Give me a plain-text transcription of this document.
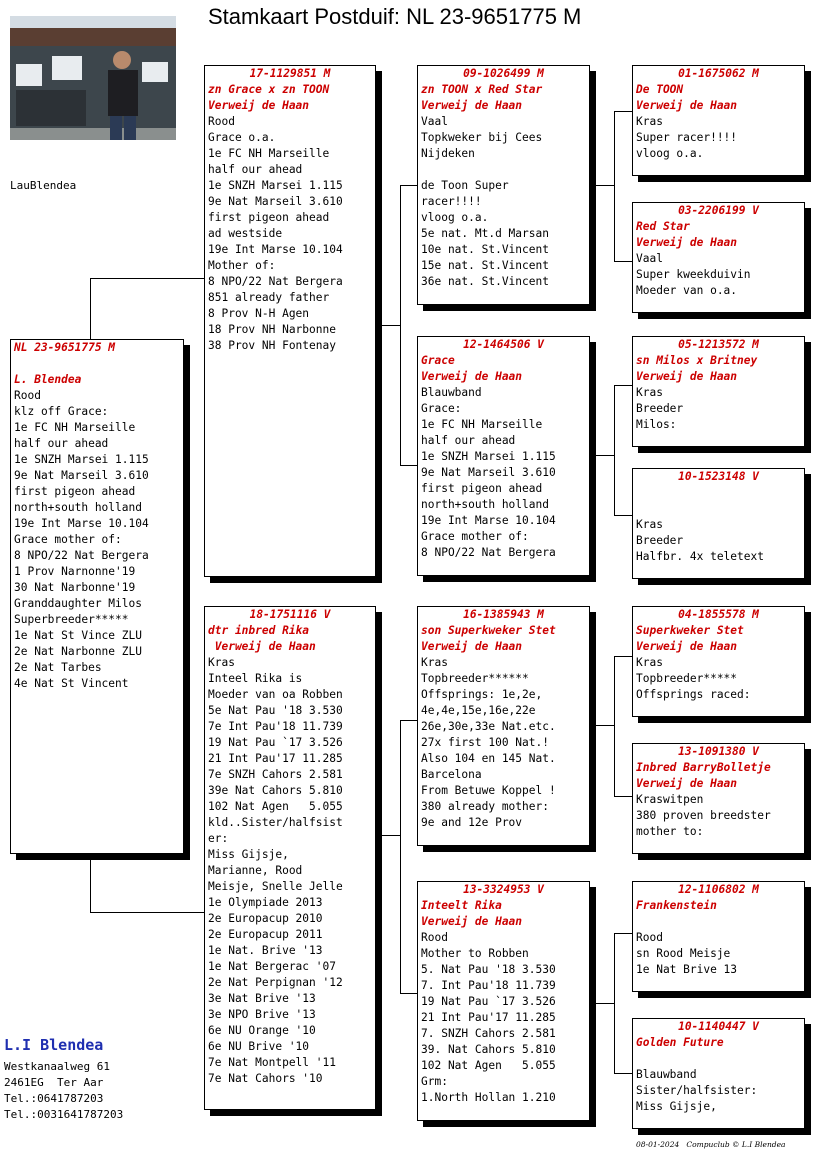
Stamkaart Postduif: NL 23-9651775 M
LauBlendea
NL 23-9651775 M
L. Blendea
Rood
klz off Grace:
1e FC NH Marseille
half our ahead
1e SNZH Marsei 1.115
9e Nat Marseil 3.610
first pigeon ahead
north+south holland
19e Int Marse 10.104
Grace mother of:
8 NPO/22 Nat Bergera
1 Prov Narnonne'19
30 Nat Narbonne'19
Granddaughter Milos
Superbreeder*****
1e Nat St Vince ZLU
2e Nat Narbonne ZLU
2e Nat Tarbes
4e Nat St Vincent
17-1129851 M
zn Grace x zn TOON
Verweij de Haan
Rood
Grace o.a.
1e FC NH Marseille
half our ahead
1e SNZH Marsei 1.115
9e Nat Marseil 3.610
first pigeon ahead
ad westside
19e Int Marse 10.104
Mother of:
8 NPO/22 Nat Bergera
851 already father
8 Prov N-H Agen
18 Prov NH Narbonne
38 Prov NH Fontenay
18-1751116 V
dtr inbred Rika
Verweij de Haan
Kras
Inteel Rika is
Moeder van oa Robben
5e Nat Pau '18 3.530
7e Int Pau'18 11.739
19 Nat Pau `17 3.526
21 Int Pau'17 11.285
7e SNZH Cahors 2.581
39e Nat Cahors 5.810
102 Nat Agen   5.055
kld..Sister/halfsist
er:
Miss Gijsje,
Marianne, Rood
Meisje, Snelle Jelle
1e Olympiade 2013
2e Europacup 2010
2e Europacup 2011
1e Nat. Brive '13
1e Nat Bergerac '07
2e Nat Perpignan '12
3e Nat Brive '13
3e NPO Brive '13
6e NU Orange '10
6e NU Brive '10
7e Nat Montpell '11
7e Nat Cahors '10
09-1026499 M
zn TOON x Red Star
Verweij de Haan
Vaal
Topkweker bij Cees
Nijdeken
de Toon Super
racer!!!!
vloog o.a.
5e nat. Mt.d Marsan
10e nat. St.Vincent
15e nat. St.Vincent
36e nat. St.Vincent
12-1464506 V
Grace
Verweij de Haan
Blauwband
Grace:
1e FC NH Marseille
half our ahead
1e SNZH Marsei 1.115
9e Nat Marseil 3.610
first pigeon ahead
north+south holland
19e Int Marse 10.104
Grace mother of:
8 NPO/22 Nat Bergera
16-1385943 M
son Superkweker Stet
Verweij de Haan
Kras
Topbreeder******
Offsprings: 1e,2e,
4e,4e,15e,16e,22e
26e,30e,33e Nat.etc.
27x first 100 Nat.!
Also 104 en 145 Nat.
Barcelona
From Betuwe Koppel !
380 already mother:
9e and 12e Prov
13-3324953 V
Inteelt Rika
Verweij de Haan
Rood
Mother to Robben
5. Nat Pau '18 3.530
7. Int Pau'18 11.739
19 Nat Pau `17 3.526
21 Int Pau'17 11.285
7. SNZH Cahors 2.581
39. Nat Cahors 5.810
102 Nat Agen   5.055
Grm:
1.North Hollan 1.210
01-1675062 M
De TOON
Verweij de Haan
Kras
Super racer!!!!
vloog o.a.
03-2206199 V
Red Star
Verweij de Haan
Vaal
Super kweekduivin
Moeder van o.a.
05-1213572 M
sn Milos x Britney
Verweij de Haan
Kras
Breeder
Milos:
10-1523148 V
Kras
Breeder
Halfbr. 4x teletext
04-1855578 M
Superkweker Stet
Verweij de Haan
Kras
Topbreeder*****
Offsprings raced:
13-1091380 V
Inbred BarryBolletje
Verweij de Haan
Kraswitpen
380 proven breedster
mother to:
12-1106802 M
Frankenstein
Rood
sn Rood Meisje
1e Nat Brive 13
10-1140447 V
Golden Future
Blauwband
Sister/halfsister:
Miss Gijsje,
L.I Blendea
Westkanaalweg 61
2461EG  Ter Aar
Tel.:0641787203
Tel.:0031641787203
08-01-2024   Compuclub © L.I Blendea
